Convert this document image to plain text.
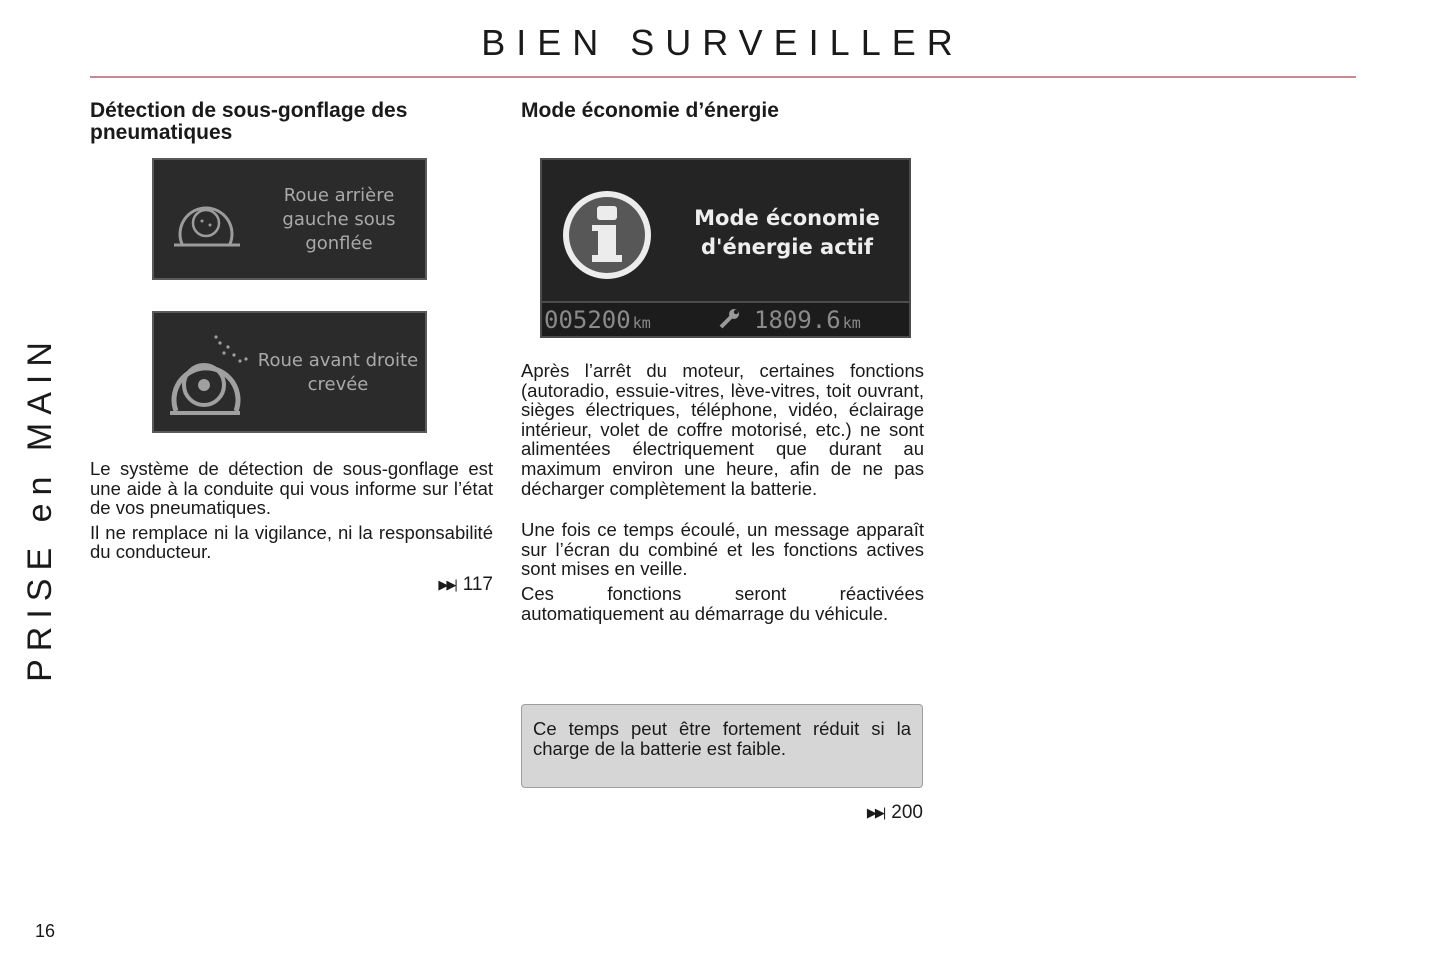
BIEN SURVEILLER
PRISE en MAIN
Détection de sous-gonflage des pneumatiques
Roue arrière
gauche sous
gonflée
Roue avant droite
crevée

Le système de détection de sous-gonflage est une aide à la conduite qui vous informe sur l’état de vos pneumatiques.

Il ne remplace ni la vigilance, ni la responsabilité du conducteur.

▶▶| 117
Mode économie d’énergie
Mode économie
d'énergie actif
005200 km	1809.6 km

Après l’arrêt du moteur, certaines fonctions (autoradio, essuie-vitres, lève-vitres, toit ouvrant, sièges électriques, téléphone, vidéo, éclairage intérieur, volet de coffre motorisé, etc.) ne sont alimentées électriquement que durant au maximum environ une heure, afin de ne pas décharger complètement la batterie.

Une fois ce temps écoulé, un message apparaît sur l’écran du combiné et les fonctions actives sont mises en veille.

Ces fonctions seront réactivées automatiquement au démarrage du véhicule.

Ce temps peut être fortement réduit si la charge de la batterie est faible.
▶▶| 200
16
